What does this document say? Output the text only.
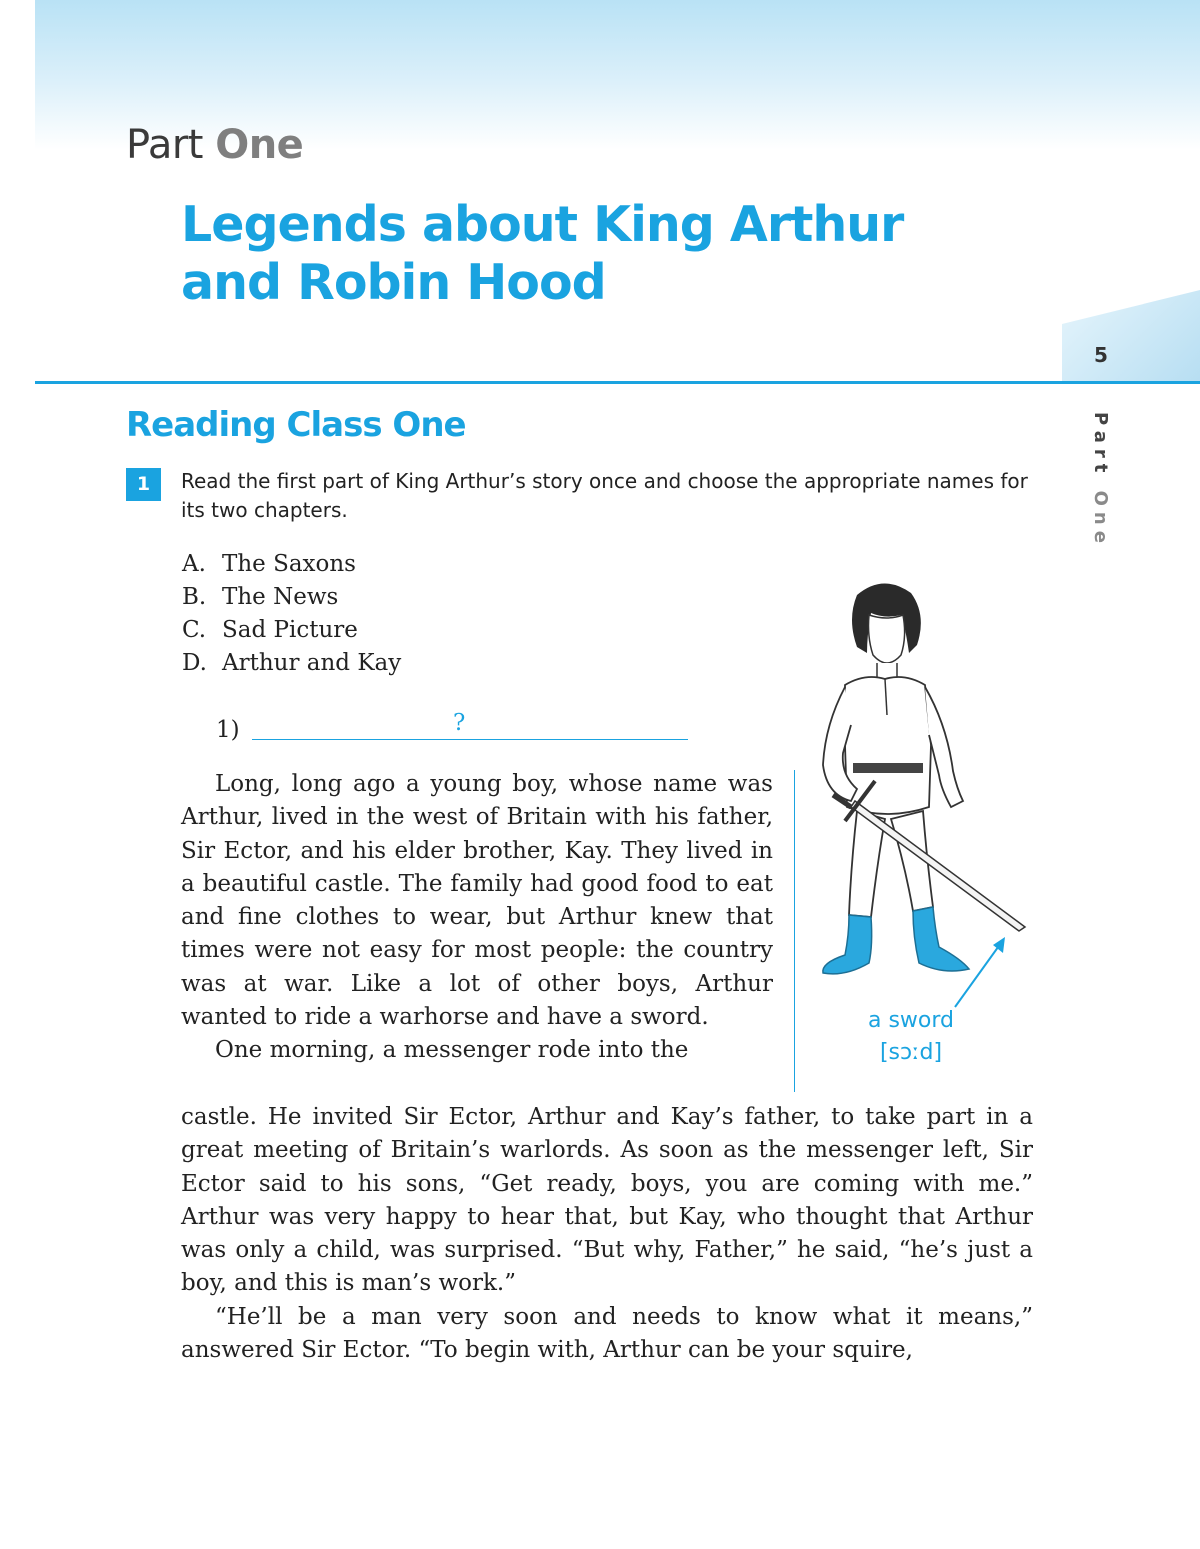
Part One
Legends about King Arthur
and Robin Hood
5
Part One
Reading Class One
1	Read the first part of King Arthur’s story once and choose the appropriate names for its two chapters.
A. The Saxons
B. The News
C. Sad Picture
D. Arthur and Kay
1)	?

Long, long ago a young boy, whose name was Arthur, lived in the west of Britain with his father, Sir Ector, and his elder brother, Kay. They lived in a beautiful castle. The family had good food to eat and fine clothes to wear, but Arthur knew that times were not easy for most people: the country was at war. Like a lot of other boys, Arthur wanted to ride a warhorse and have a sword.

One morning, a messenger rode into the

castle. He invited Sir Ector, Arthur and Kay’s father, to take part in a great meeting of Britain’s warlords. As soon as the messenger left, Sir Ector said to his sons, “Get ready, boys, you are coming with me.” Arthur was very happy to hear that, but Kay, who thought that Arthur was only a child, was surprised. “But why, Father,” he said, “he’s just a boy, and this is man’s work.”

“He’ll be a man very soon and needs to know what it means,” answered Sir Ector. “To begin with, Arthur can be your squire,

a sword
[sɔːd]
